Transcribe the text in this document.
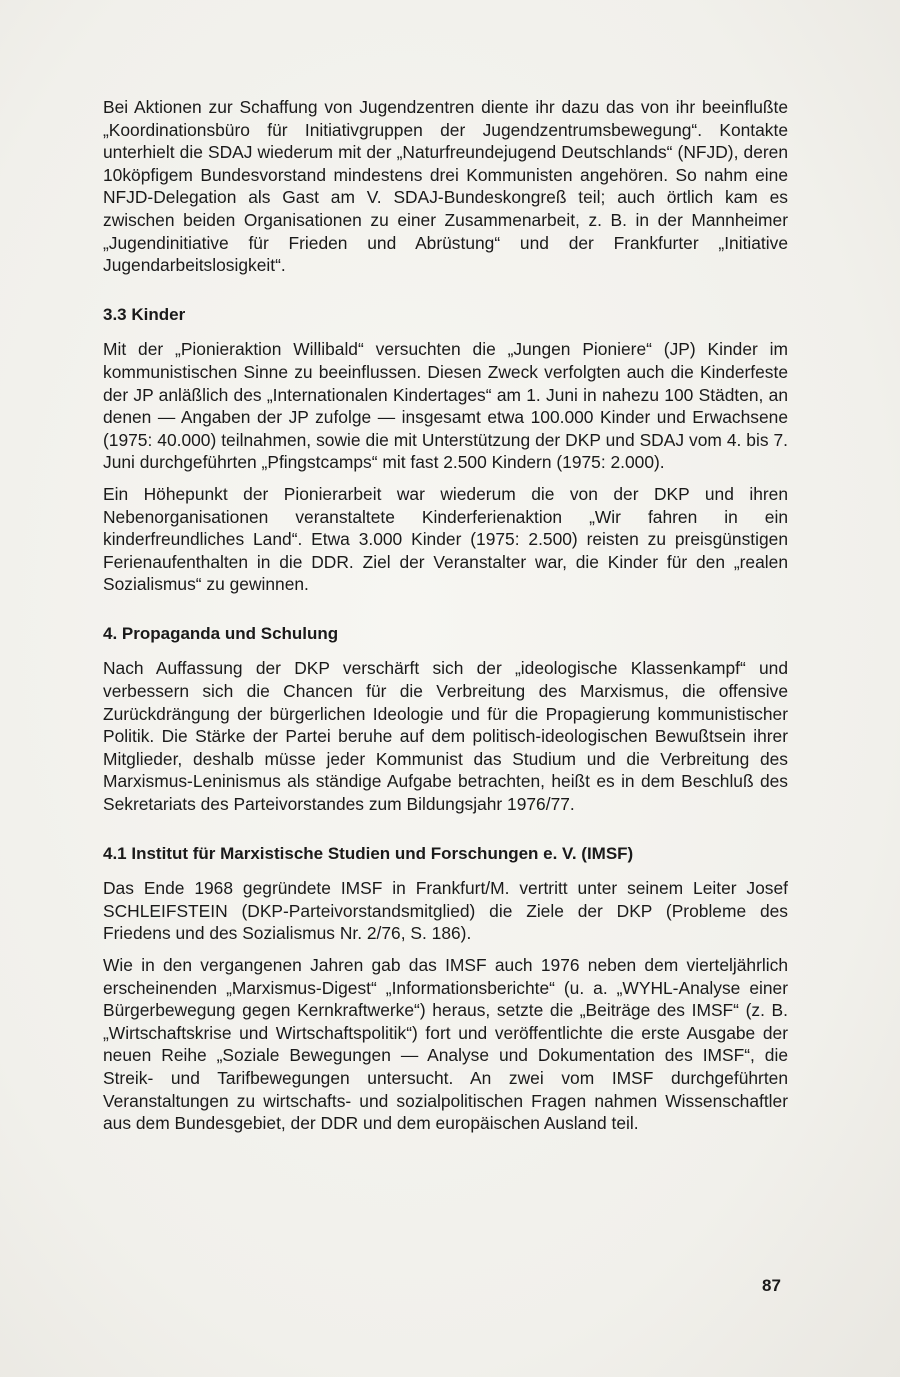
Bei Aktionen zur Schaffung von Jugendzentren diente ihr dazu das von ihr beeinflußte „Koordinationsbüro für Initiativgruppen der Jugendzentrumsbewegung“. Kontakte unterhielt die SDAJ wiederum mit der „Naturfreundejugend Deutschlands“ (NFJD), deren 10köpfigem Bundesvorstand mindestens drei Kommunisten angehören. So nahm eine NFJD-Delegation als Gast am V. SDAJ-Bundeskongreß teil; auch örtlich kam es zwischen beiden Organisationen zu einer Zusammenarbeit, z. B. in der Mannheimer „Jugendinitiative für Frieden und Abrüstung“ und der Frankfurter „Initiative Jugendarbeitslosigkeit“.

3.3 Kinder

Mit der „Pionieraktion Willibald“ versuchten die „Jungen Pioniere“ (JP) Kinder im kommunistischen Sinne zu beeinflussen. Diesen Zweck verfolgten auch die Kinderfeste der JP anläßlich des „Internationalen Kindertages“ am 1. Juni in nahezu 100 Städten, an denen — Angaben der JP zufolge — insgesamt etwa 100.000 Kinder und Erwachsene (1975: 40.000) teilnahmen, sowie die mit Unterstützung der DKP und SDAJ vom 4. bis 7. Juni durchgeführten „Pfingstcamps“ mit fast 2.500 Kindern (1975: 2.000).

Ein Höhepunkt der Pionierarbeit war wiederum die von der DKP und ihren Nebenorganisationen veranstaltete Kinderferienaktion „Wir fahren in ein kinderfreundliches Land“. Etwa 3.000 Kinder (1975: 2.500) reisten zu preisgünstigen Ferienaufenthalten in die DDR. Ziel der Veranstalter war, die Kinder für den „realen Sozialismus“ zu gewinnen.

4. Propaganda und Schulung

Nach Auffassung der DKP verschärft sich der „ideologische Klassenkampf“ und verbessern sich die Chancen für die Verbreitung des Marxismus, die offensive Zurückdrängung der bürgerlichen Ideologie und für die Propagierung kommunistischer Politik. Die Stärke der Partei beruhe auf dem politisch-ideologischen Bewußtsein ihrer Mitglieder, deshalb müsse jeder Kommunist das Studium und die Verbreitung des Marxismus-Leninismus als ständige Aufgabe betrachten, heißt es in dem Beschluß des Sekretariats des Parteivorstandes zum Bildungsjahr 1976/77.

4.1 Institut für Marxistische Studien und Forschungen e. V. (IMSF)

Das Ende 1968 gegründete IMSF in Frankfurt/M. vertritt unter seinem Leiter Josef SCHLEIFSTEIN (DKP-Parteivorstandsmitglied) die Ziele der DKP (Probleme des Friedens und des Sozialismus Nr. 2/76, S. 186).

Wie in den vergangenen Jahren gab das IMSF auch 1976 neben dem vierteljährlich erscheinenden „Marxismus-Digest“ „Informationsberichte“ (u. a. „WYHL-Analyse einer Bürgerbewegung gegen Kernkraftwerke“) heraus, setzte die „Beiträge des IMSF“ (z. B. „Wirtschaftskrise und Wirtschaftspolitik“) fort und veröffentlichte die erste Ausgabe der neuen Reihe „Soziale Bewegungen — Analyse und Dokumentation des IMSF“, die Streik- und Tarifbewegungen untersucht. An zwei vom IMSF durchgeführten Veranstaltungen zu wirtschafts- und sozialpolitischen Fragen nahmen Wissenschaftler aus dem Bundesgebiet, der DDR und dem europäischen Ausland teil.

87
